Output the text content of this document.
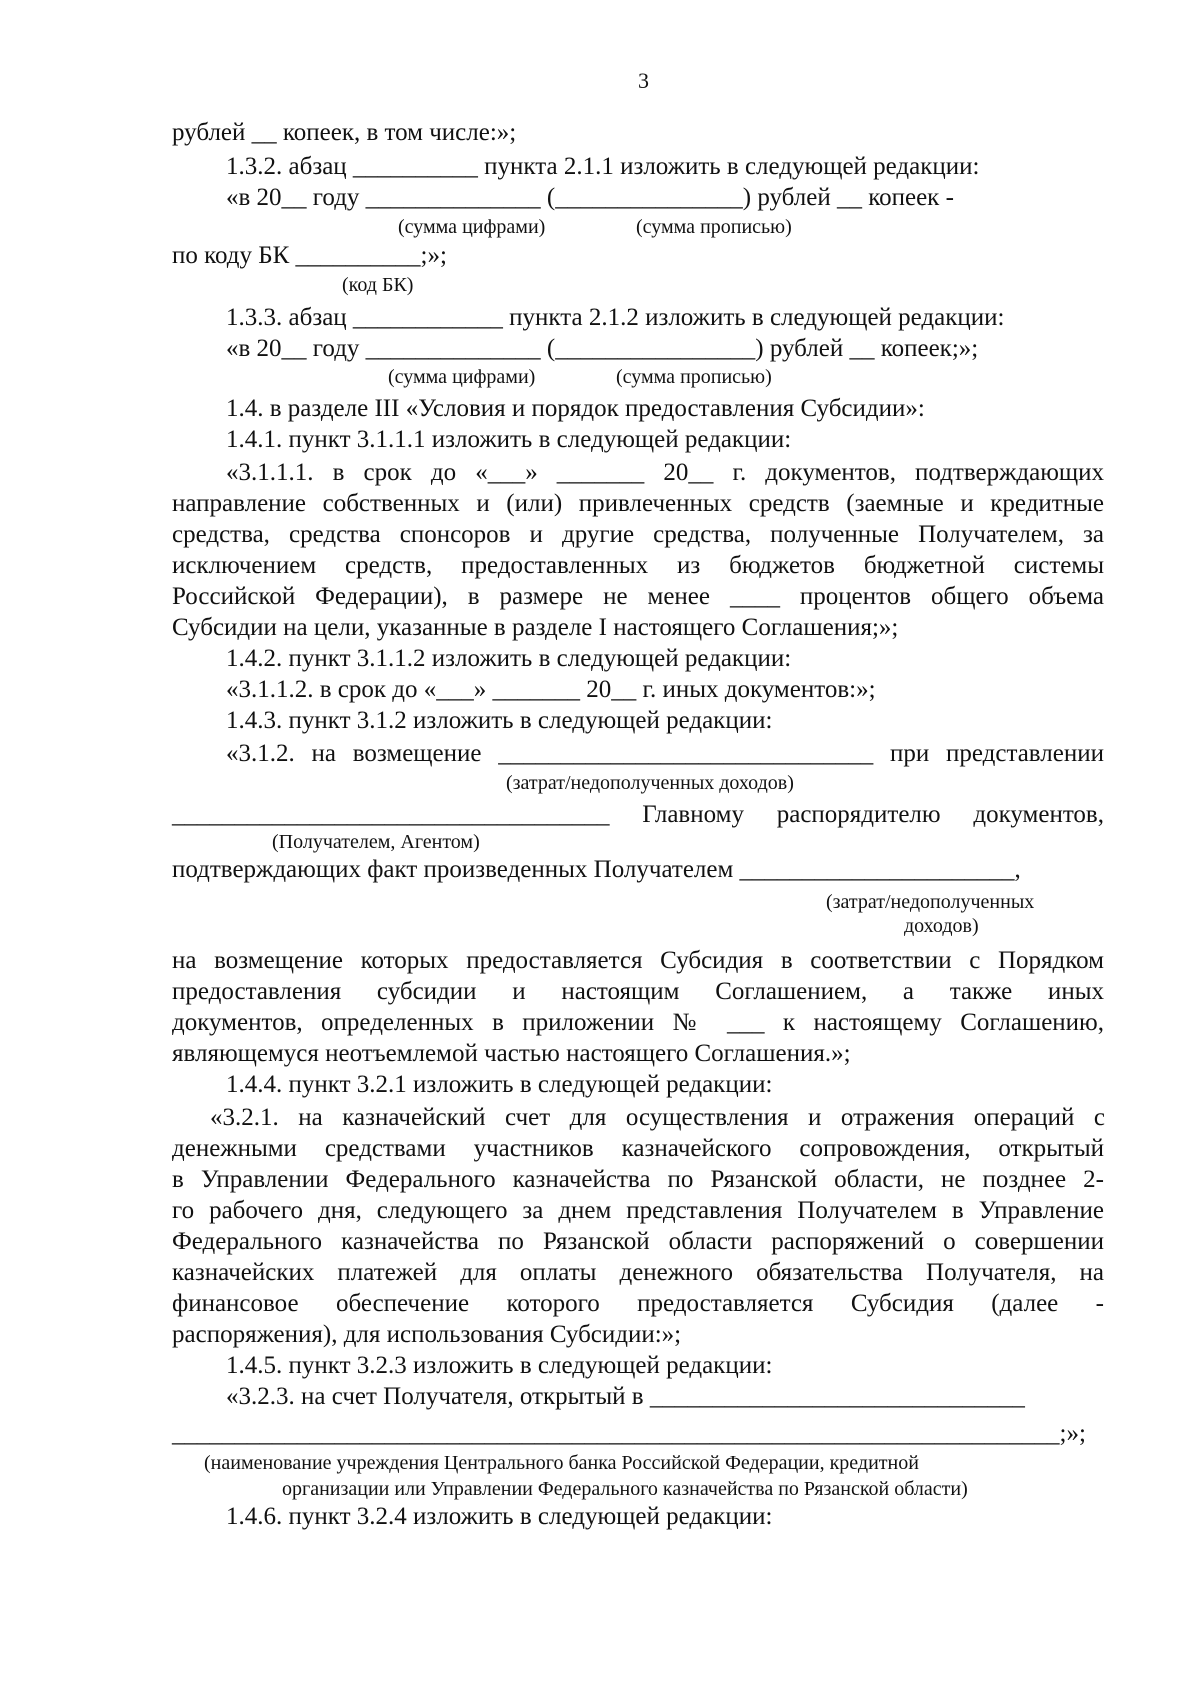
3
рублей __ копеек, в том числе:»;
1.3.2. абзац __________ пункта 2.1.1 изложить в следующей редакции:
«в 20__ году ______________ (_______________) рублей __ копеек -
(сумма цифрами)	(сумма прописью)
по коду БК __________;»;
(код БК)
1.3.3. абзац ____________ пункта 2.1.2 изложить в следующей редакции:
«в 20__ году ______________ (________________) рублей __ копеек;»;
(сумма цифрами)	(сумма прописью)
1.4. в разделе III «Условия и порядок предоставления Субсидии»:
1.4.1. пункт 3.1.1.1 изложить в следующей редакции:
«3.1.1.1. в срок до «___» _______ 20__ г. документов, подтверждающих
направление собственных и (или) привлеченных средств (заемные и кредитные
средства, средства спонсоров и другие средства, полученные Получателем, за
исключением средств, предоставленных из бюджетов бюджетной системы
Российской Федерации), в размере не менее ____ процентов общего объема
Субсидии на цели, указанные в разделе I настоящего Соглашения;»;
1.4.2. пункт 3.1.1.2 изложить в следующей редакции:
«3.1.1.2. в срок до «___» _______ 20__ г. иных документов:»;
1.4.3. пункт 3.1.2 изложить в следующей редакции:
«3.1.2. на возмещение ______________________________ при представлении
(затрат/недополученных доходов)
___________________________________ Главному распорядителю документов,
(Получателем, Агентом)
подтверждающих факт произведенных Получателем ______________________,
(затрат/недополученных
доходов)
на возмещение которых предоставляется Субсидия в соответствии с Порядком
предоставления субсидии и настоящим Соглашением, а также иных
документов, определенных в приложении № ___ к настоящему Соглашению,
являющемуся неотъемлемой частью настоящего Соглашения.»;
1.4.4. пункт 3.2.1 изложить в следующей редакции:
«3.2.1. на казначейский счет для осуществления и отражения операций с
денежными средствами участников казначейского сопровождения, открытый
в Управлении Федерального казначейства по Рязанской области, не позднее 2-
го рабочего дня, следующего за днем представления Получателем в Управление
Федерального казначейства по Рязанской области распоряжений о совершении
казначейских платежей для оплаты денежного обязательства Получателя, на
финансовое обеспечение которого предоставляется Субсидия (далее -
распоряжения), для использования Субсидии:»;
1.4.5. пункт 3.2.3 изложить в следующей редакции:
«3.2.3. на счет Получателя, открытый в ______________________________
_______________________________________________________________________;»;
(наименование учреждения Центрального банка Российской Федерации, кредитной
организации или Управлении Федерального казначейства по Рязанской области)
1.4.6. пункт 3.2.4 изложить в следующей редакции:
